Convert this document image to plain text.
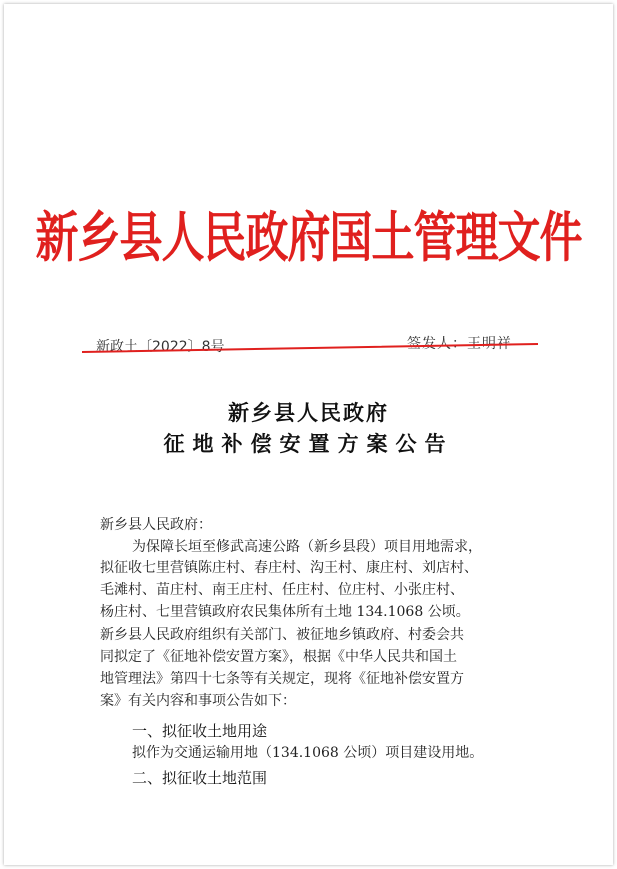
新乡县人民政府国土管理文件
新政土〔2022〕8号	签发人：王明祥
新乡县人民政府
征地补偿安置方案公告
新乡县人民政府：
为保障长垣至修武高速公路（新乡县段）项目用地需求，
拟征收七里营镇陈庄村、春庄村、沟王村、康庄村、刘店村、
毛滩村、苗庄村、南王庄村、任庄村、位庄村、小张庄村、
杨庄村、七里营镇政府农民集体所有土地 134.1068 公顷。
新乡县人民政府组织有关部门、被征地乡镇政府、村委会共
同拟定了《征地补偿安置方案》，根据《中华人民共和国土
地管理法》第四十七条等有关规定，现将《征地补偿安置方
案》有关内容和事项公告如下：
一、拟征收土地用途
拟作为交通运输用地（134.1068 公顷）项目建设用地。
二、拟征收土地范围
